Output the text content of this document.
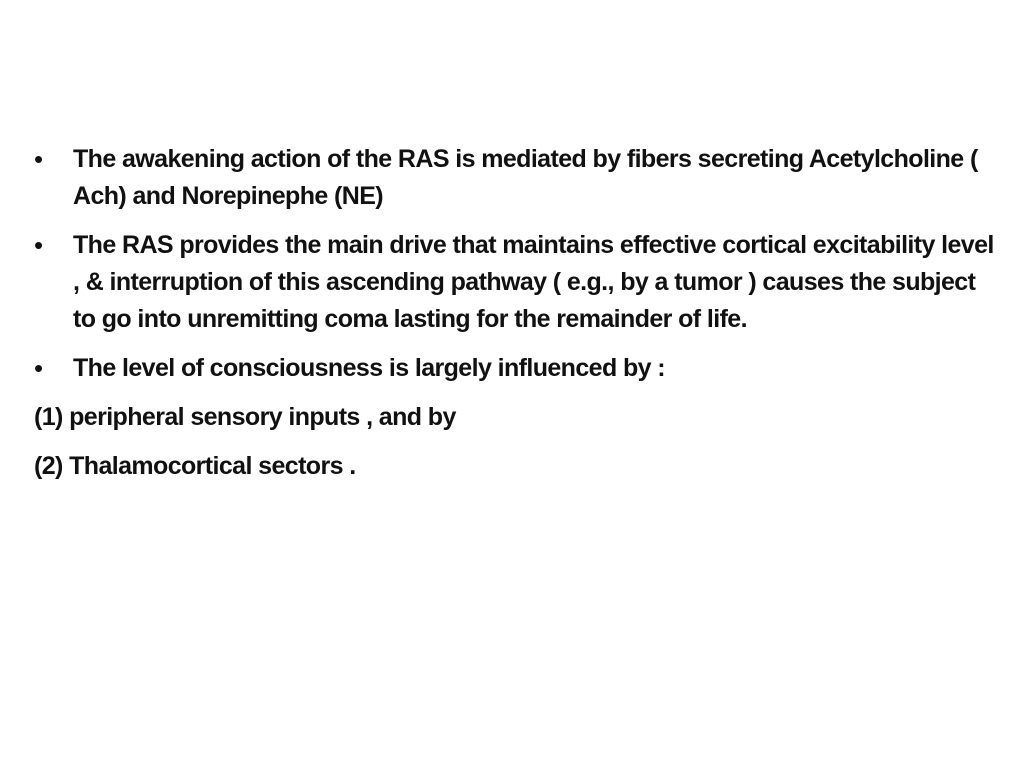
• The awakening action of the RAS is mediated by fibers secreting Acetylcholine ( Ach) and Norepinephe (NE)
• The RAS provides the main drive that maintains effective cortical excitability level , & interruption of this ascending pathway ( e.g., by a tumor ) causes the subject to go into unremitting coma lasting for the remainder of life.
• The level of consciousness is largely influenced by :
(1) peripheral sensory inputs , and by
(2) Thalamocortical sectors .
